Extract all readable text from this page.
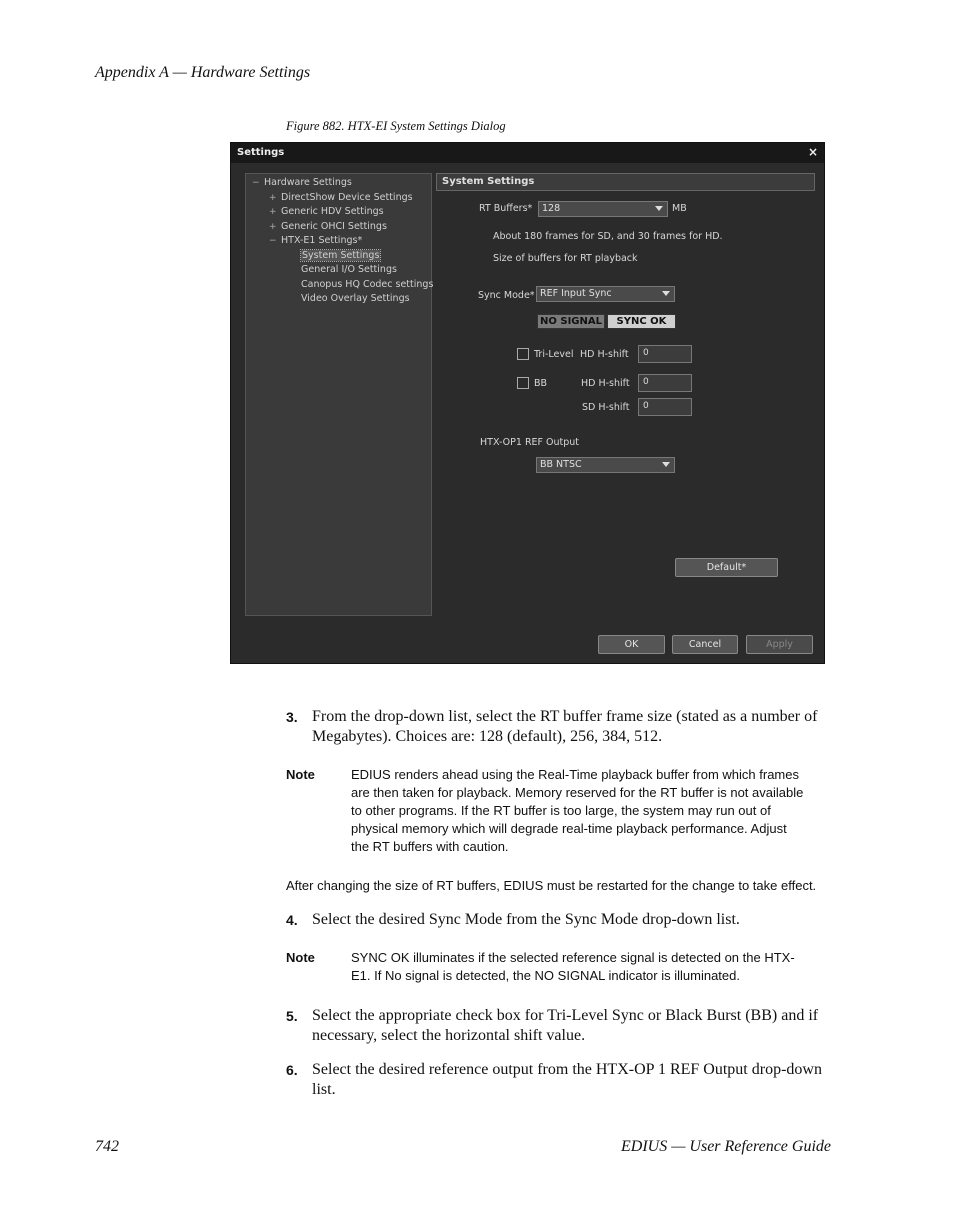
Appendix A — Hardware Settings
Figure 882. HTX-EI System Settings Dialog
Settings	×
− Hardware Settings
+ DirectShow Device Settings
+ Generic HDV Settings
+ Generic OHCI Settings
− HTX-E1 Settings*
System Settings
General I/O Settings
Canopus HQ Codec settings
Video Overlay Settings
System Settings
RT Buffers* 128	MB
About 180 frames for SD, and 30 frames for HD.
Size of buffers for RT playback
Sync Mode* REF Input Sync
NO SIGNAL	SYNC OK
Tri-Level HD H-shift 0
BB	HD H-shift 0
SD H-shift 0
HTX-OP1 REF Output
BB NTSC
Default*
OK	Cancel	Apply
3. From the drop-down list, select the RT buffer frame size (stated as a number of Megabytes). Choices are: 128 (default), 256, 384, 512.
Note	EDIUS renders ahead using the Real-Time playback buffer from which frames are then taken for playback. Memory reserved for the RT buffer is not available to other programs. If the RT buffer is too large, the system may run out of physical memory which will degrade real-time playback performance. Adjust the RT buffers with caution.
After changing the size of RT buffers, EDIUS must be restarted for the change to take effect.
4. Select the desired Sync Mode from the Sync Mode drop-down list.
Note	SYNC OK illuminates if the selected reference signal is detected on the HTX-E1. If No signal is detected, the NO SIGNAL indicator is illuminated.
5. Select the appropriate check box for Tri-Level Sync or Black Burst (BB) and if necessary, select the horizontal shift value.
6. Select the desired reference output from the HTX-OP 1 REF Output drop-down list.
742	EDIUS — User Reference Guide
